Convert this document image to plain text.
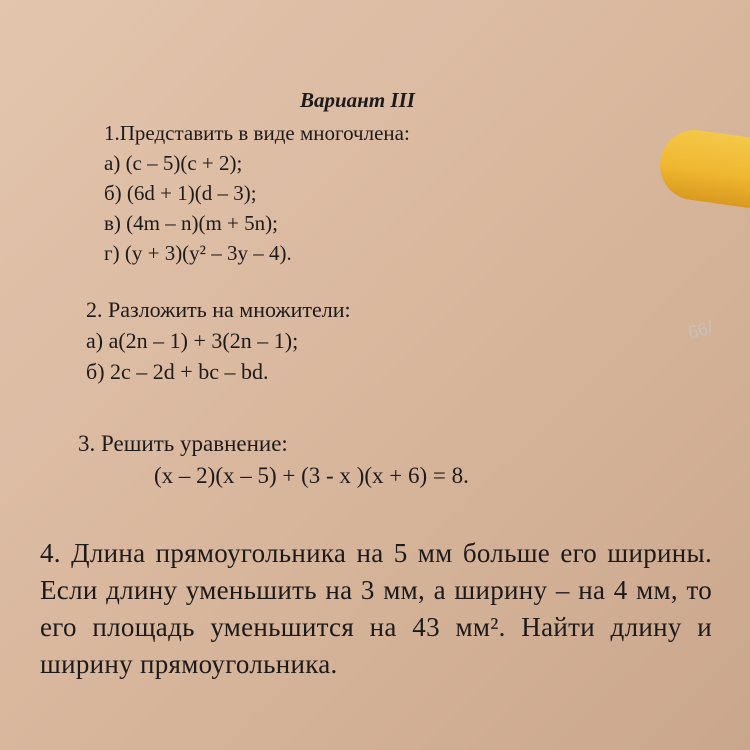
Вариант III
1.Представить в виде многочлена:
а) (c – 5)(c + 2);
б) (6d + 1)(d – 3);
в) (4m – n)(m + 5n);
г) (y + 3)(y² – 3y – 4).
2. Разложить на множители:
а) a(2n – 1) + 3(2n – 1);
б) 2c – 2d + bc – bd.
3. Решить уравнение:
(x – 2)(x – 5) + (3 - x )(x + 6) = 8.
4. Длина прямоугольника на 5 мм больше его ширины. Если длину уменьшить на 3 мм, а ширину – на 4 мм, то его площадь уменьшится на 43 мм². Найти длину и ширину прямоугольника.
66/
